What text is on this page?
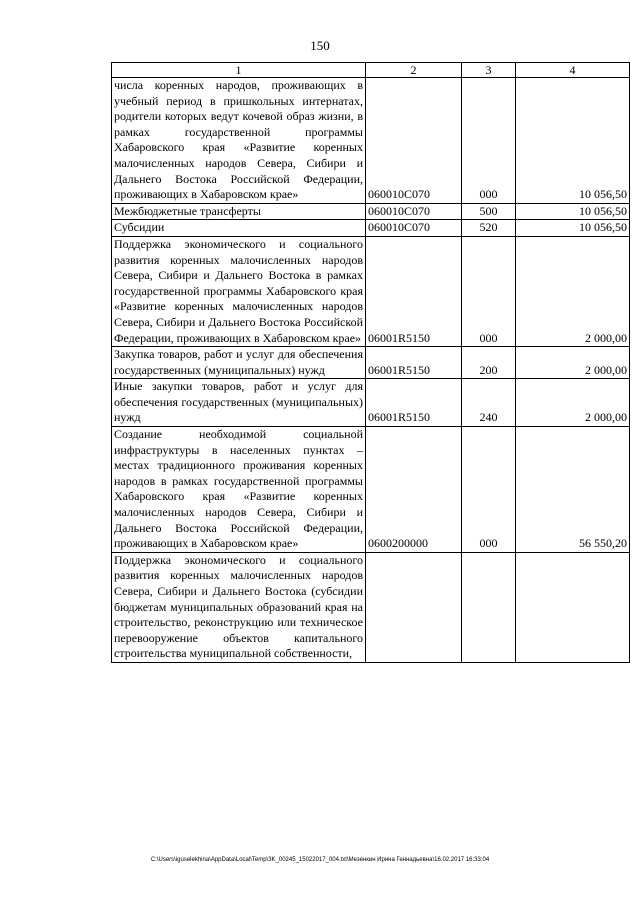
150
1	2	3	4
числа коренных народов, проживающих в учебный период в пришкольных интернатах, родители которых ведут кочевой образ жизни, в рамках государственной программы Хабаровского края «Развитие коренных малочисленных народов Севера, Сибири и Дальнего Востока Российской Федерации, проживающих в Хабаровском крае»	060010С070	000	10 056,50
Межбюджетные трансферты	060010С070	500	10 056,50
Субсидии	060010С070	520	10 056,50
Поддержка экономического и социального развития коренных малочисленных народов Севера, Сибири и Дальнего Востока в рамках государственной программы Хабаровского края «Развитие коренных малочисленных народов Севера, Сибири и Дальнего Востока Российской Федерации, проживающих в Хабаровском крае»	06001R5150	000	2 000,00
Закупка товаров, работ и услуг для обеспечения государственных (муниципальных) нужд	06001R5150	200	2 000,00
Иные закупки товаров, работ и услуг для обеспечения государственных (муниципальных) нужд	06001R5150	240	2 000,00
Создание необходимой социальной инфраструктуры в населенных пунктах – местах традиционного проживания коренных народов в рамках государственной программы Хабаровского края «Развитие коренных малочисленных народов Севера, Сибири и Дальнего Востока Российской Федерации, проживающих в Хабаровском крае»	0600200000	000	56 550,20
Поддержка экономического и социального развития коренных малочисленных народов Севера, Сибири и Дальнего Востока (субсидии бюджетам муниципальных образований края на строительство, реконструкцию или техническое перевооружение объектов капитального строительства муниципальной собственности,			
C:\Users\iguselekhina\AppData\Local\Temp\3K_00245_15022017_004.txt\Мезенкин Ирина Геннадьевна\16.02.2017 16:33:04
